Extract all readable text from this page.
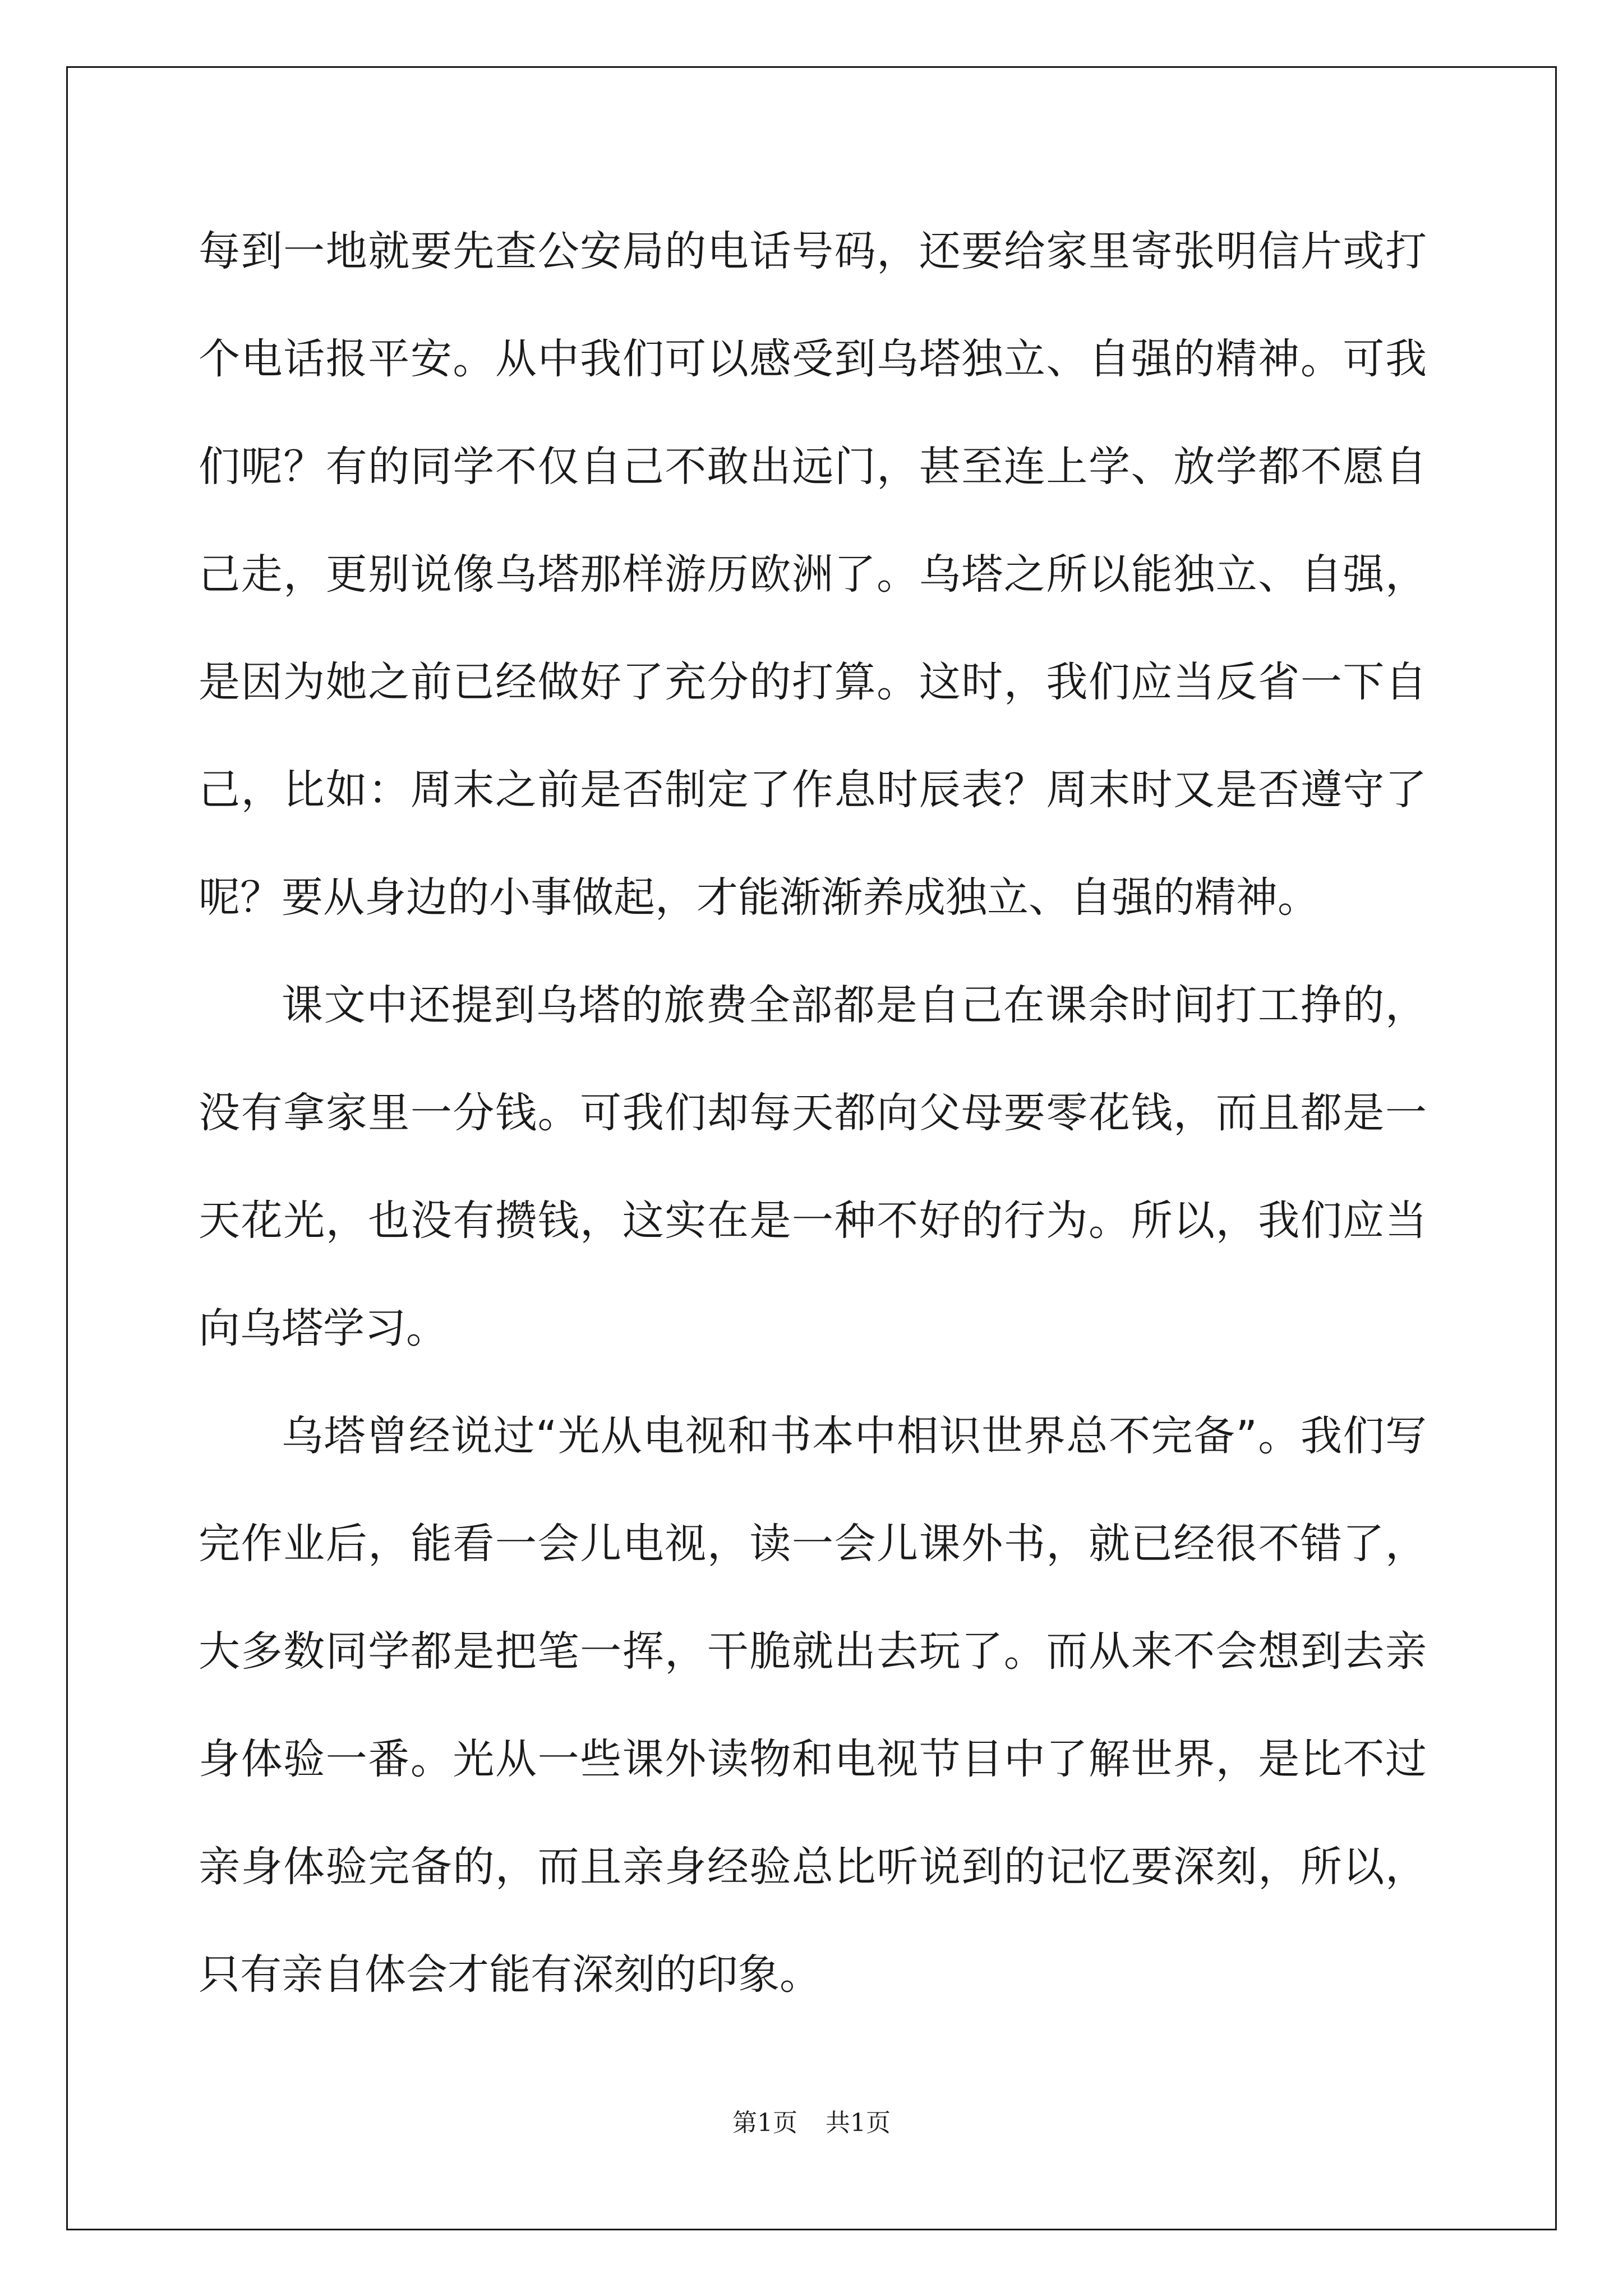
每到一地就要先查公安局的电话号码，还要给家里寄张明信片或打个电话报平安。从中我们可以感受到乌塔独立、自强的精神。可我们呢？有的同学不仅自己不敢出远门，甚至连上学、放学都不愿自己走，更别说像乌塔那样游历欧洲了。乌塔之所以能独立、自强，是因为她之前已经做好了充分的打算。这时，我们应当反省一下自己，比如：周末之前是否制定了作息时辰表？周末时又是否遵守了呢？要从身边的小事做起，才能渐渐养成独立、自强的精神。

课文中还提到乌塔的旅费全部都是自己在课余时间打工挣的，没有拿家里一分钱。可我们却每天都向父母要零花钱，而且都是一天花光，也没有攒钱，这实在是一种不好的行为。所以，我们应当向乌塔学习。

乌塔曾经说过“光从电视和书本中相识世界总不完备”。我们写完作业后，能看一会儿电视，读一会儿课外书，就已经很不错了，大多数同学都是把笔一挥，干脆就出去玩了。而从来不会想到去亲身体验一番。光从一些课外读物和电视节目中了解世界，是比不过亲身体验完备的，而且亲身经验总比听说到的记忆要深刻，所以，只有亲自体会才能有深刻的印象。

第1页 共1页
